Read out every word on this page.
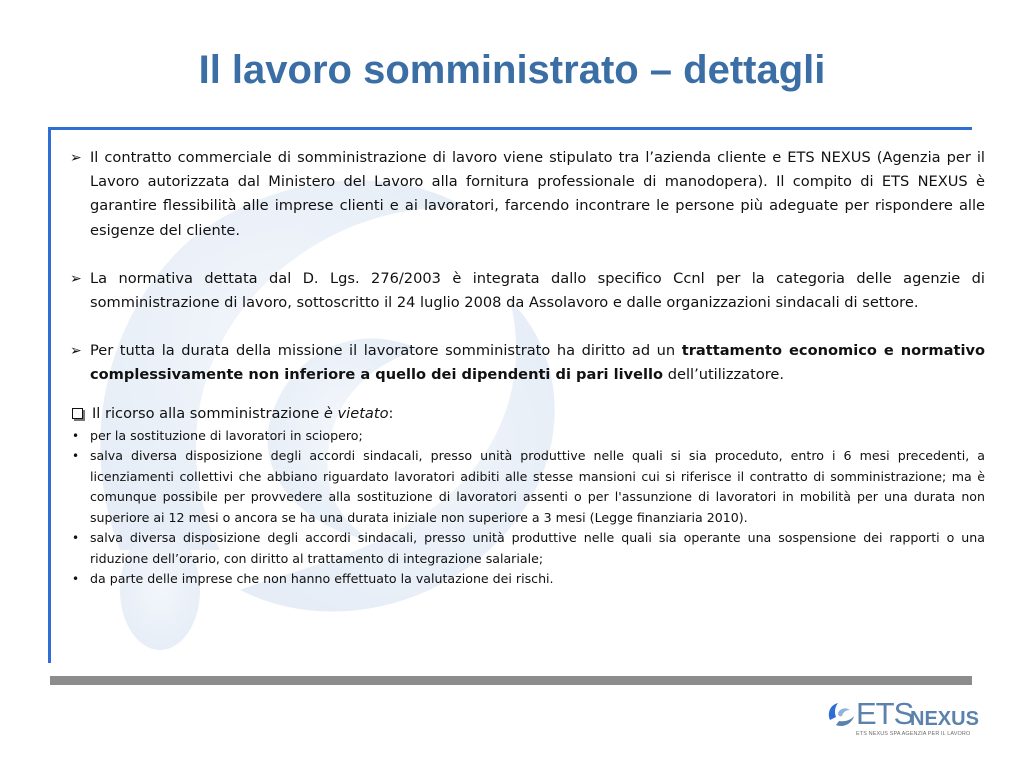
Il lavoro somministrato – dettagli
➢ Il contratto commerciale di somministrazione di lavoro viene stipulato tra l’azienda cliente e ETS NEXUS (Agenzia per il Lavoro autorizzata dal Ministero del Lavoro alla fornitura professionale di manodopera). Il compito di ETS NEXUS è garantire flessibilità alle imprese clienti e ai lavoratori, farcendo incontrare le persone più adeguate per rispondere alle esigenze del cliente.
➢ La normativa dettata dal D. Lgs. 276/2003 è integrata dallo specifico Ccnl per la categoria delle agenzie di somministrazione di lavoro, sottoscritto il 24 luglio 2008 da Assolavoro e dalle organizzazioni sindacali di settore.
➢ Per tutta la durata della missione il lavoratore somministrato ha diritto ad un trattamento economico e normativo complessivamente non inferiore a quello dei dipendenti di pari livello dell’utilizzatore.
Il ricorso alla somministrazione è vietato:
• per la sostituzione di lavoratori in sciopero;
• salva diversa disposizione degli accordi sindacali, presso unità produttive nelle quali si sia proceduto, entro i 6 mesi precedenti, a licenziamenti collettivi che abbiano riguardato lavoratori adibiti alle stesse mansioni cui si riferisce il contratto di somministrazione; ma è comunque possibile per provvedere alla sostituzione di lavoratori assenti o per l'assunzione di lavoratori in mobilità per una durata non superiore ai 12 mesi o ancora se ha una durata iniziale non superiore a 3 mesi (Legge finanziaria 2010).
• salva diversa disposizione degli accordi sindacali, presso unità produttive nelle quali sia operante una sospensione dei rapporti o una riduzione dell’orario, con diritto al trattamento di integrazione salariale;
• da parte delle imprese che non hanno effettuato la valutazione dei rischi.
ETS
NEXUS
ETS NEXUS SPA AGENZIA PER IL LAVORO
